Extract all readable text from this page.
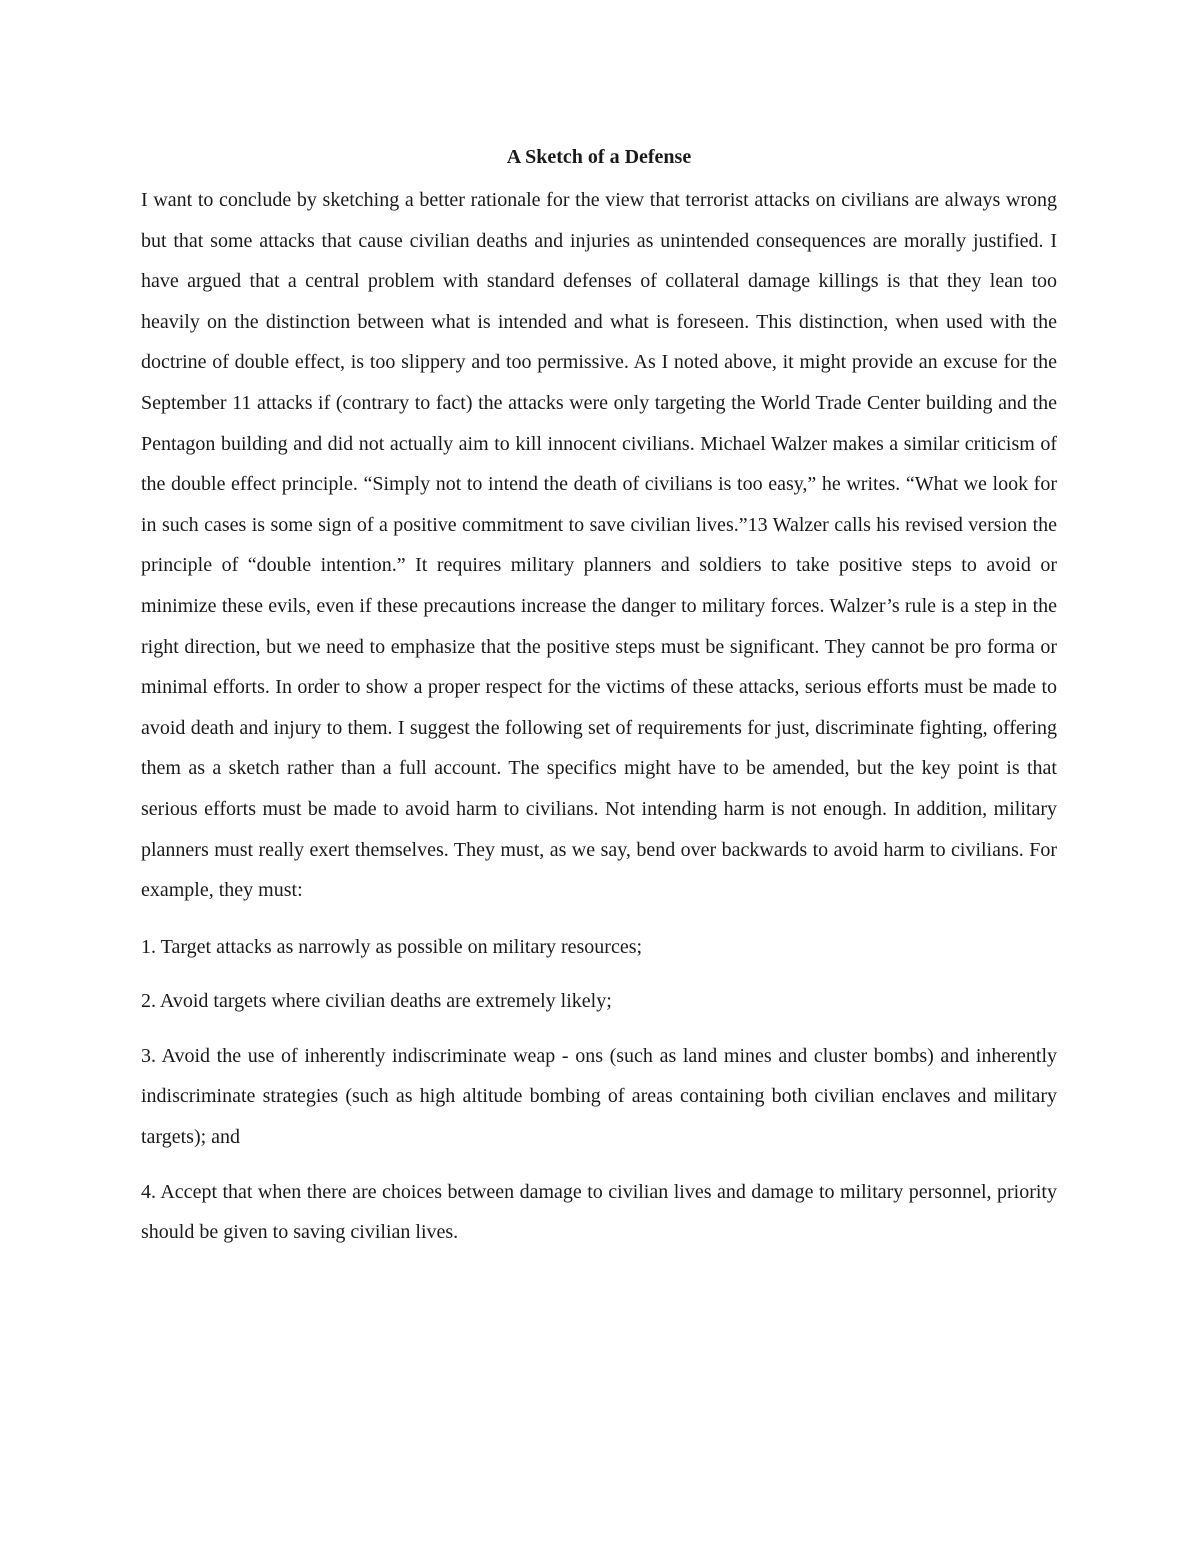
A Sketch of a Defense

I want to conclude by sketching a better rationale for the view that terrorist attacks on civilians are always wrong but that some attacks that cause civilian deaths and injuries as unintended consequences are morally justified. I have argued that a central problem with standard defenses of collateral damage killings is that they lean too heavily on the distinction between what is intended and what is foreseen. This distinction, when used with the doctrine of double effect, is too slippery and too permissive. As I noted above, it might provide an excuse for the September 11 attacks if (contrary to fact) the attacks were only targeting the World Trade Center building and the Pentagon building and did not actually aim to kill innocent civilians. Michael Walzer makes a similar criticism of the double effect principle. “Simply not to intend the death of civilians is too easy,” he writes. “What we look for in such cases is some sign of a positive commitment to save civilian lives.”13 Walzer calls his revised version the principle of “double intention.” It requires military planners and soldiers to take positive steps to avoid or minimize these evils, even if these precautions increase the danger to military forces. Walzer’s rule is a step in the right direction, but we need to emphasize that the positive steps must be significant. They cannot be pro forma or minimal efforts. In order to show a proper respect for the victims of these attacks, serious efforts must be made to avoid death and injury to them. I suggest the following set of requirements for just, discriminate fighting, offering them as a sketch rather than a full account. The specifics might have to be amended, but the key point is that serious efforts must be made to avoid harm to civilians. Not intending harm is not enough. In addition, military planners must really exert themselves. They must, as we say, bend over backwards to avoid harm to civilians. For example, they must:

1. Target attacks as narrowly as possible on military resources;
2. Avoid targets where civilian deaths are extremely likely;
3. Avoid the use of inherently indiscriminate weap - ons (such as land mines and cluster bombs) and inherently indiscriminate strategies (such as high altitude bombing of areas containing both civilian enclaves and military targets); and
4. Accept that when there are choices between damage to civilian lives and damage to military personnel, priority should be given to saving civilian lives.
